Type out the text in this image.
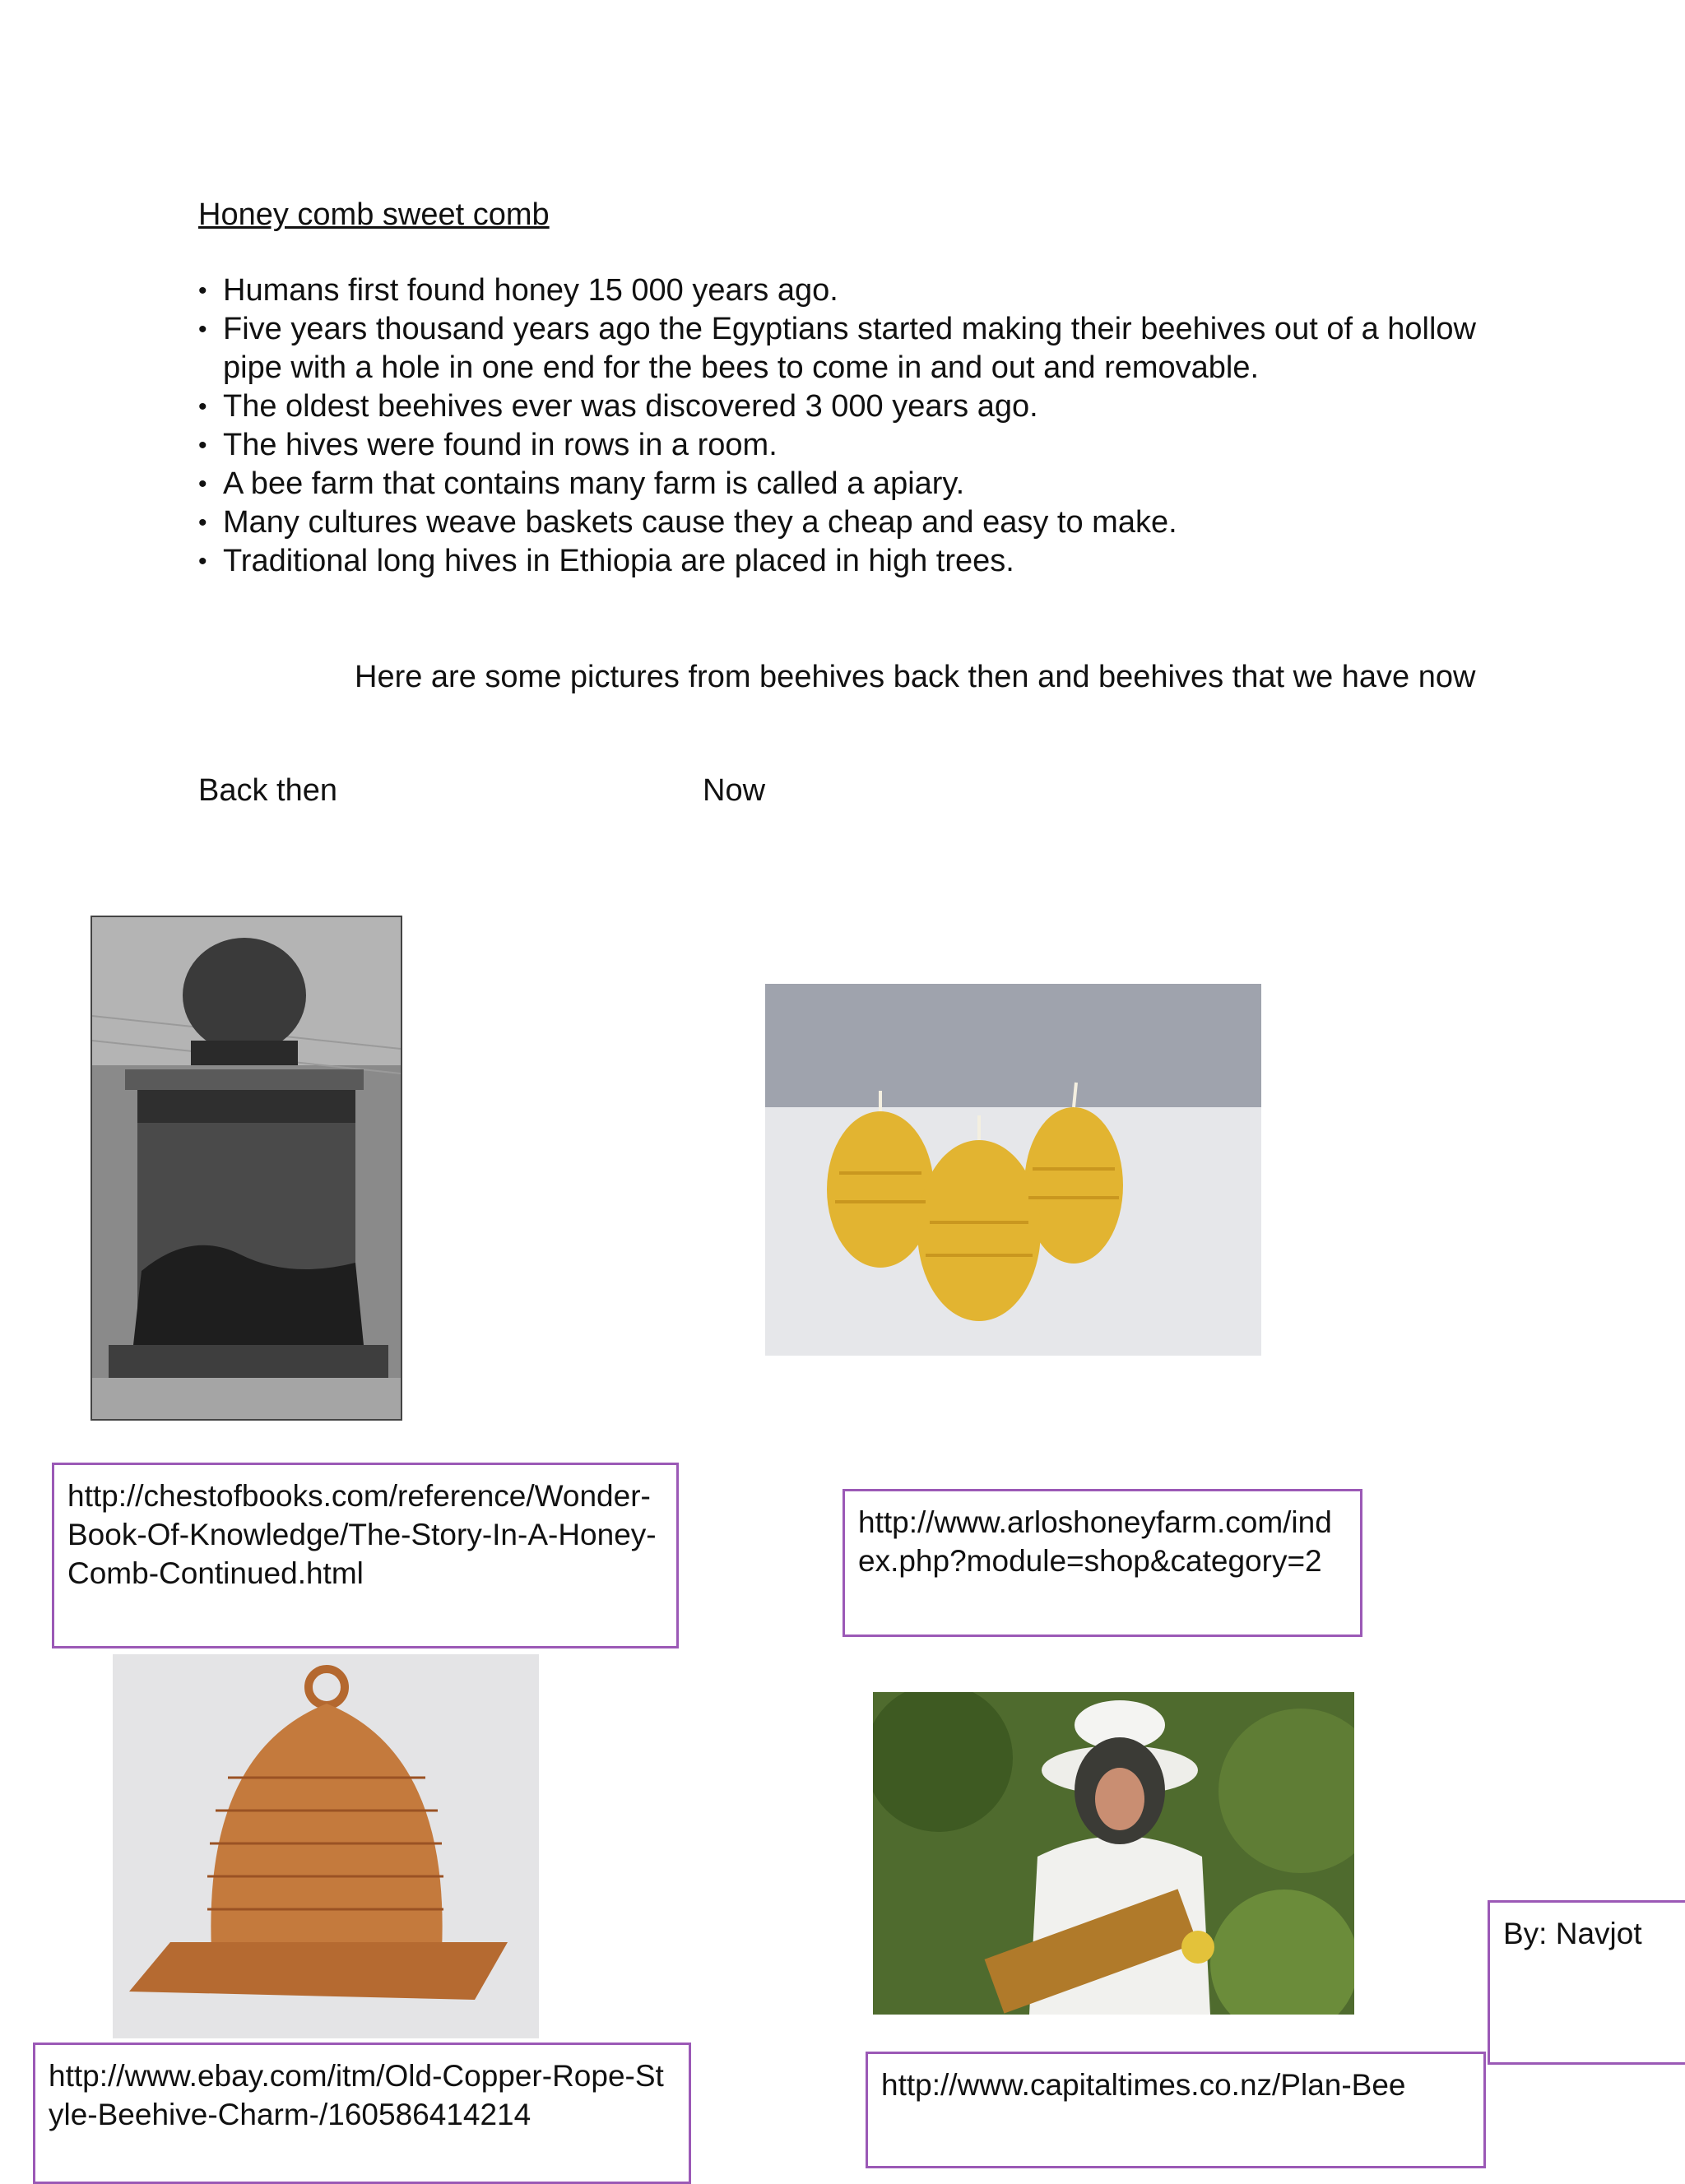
Honey comb sweet comb
• Humans first found honey 15 000 years ago.
• Five years thousand years ago the Egyptians started making their beehives out of a hollow pipe with a hole in one end for the bees to come in and out and removable.
• The oldest beehives ever was discovered 3 000 years ago.
• The hives were found in rows in a room.
• A bee farm that contains many farm is called a apiary.
• Many cultures weave baskets cause they a cheap and easy to make.
• Traditional long hives in Ethiopia are placed in high trees.
Here are some pictures from beehives back then and beehives that we have now
Back then	Now
http://chestofbooks.com/reference/Wonder-Book-Of-Knowledge/The-Story-In-A-Honey-Comb-Continued.html
http://www.arloshoneyfarm.com/index.php?module=shop&category=2
By: Navjot
http://www.ebay.com/itm/Old-Copper-Rope-Style-Beehive-Charm-/160586414214
http://www.capitaltimes.co.nz/Plan-Bee
